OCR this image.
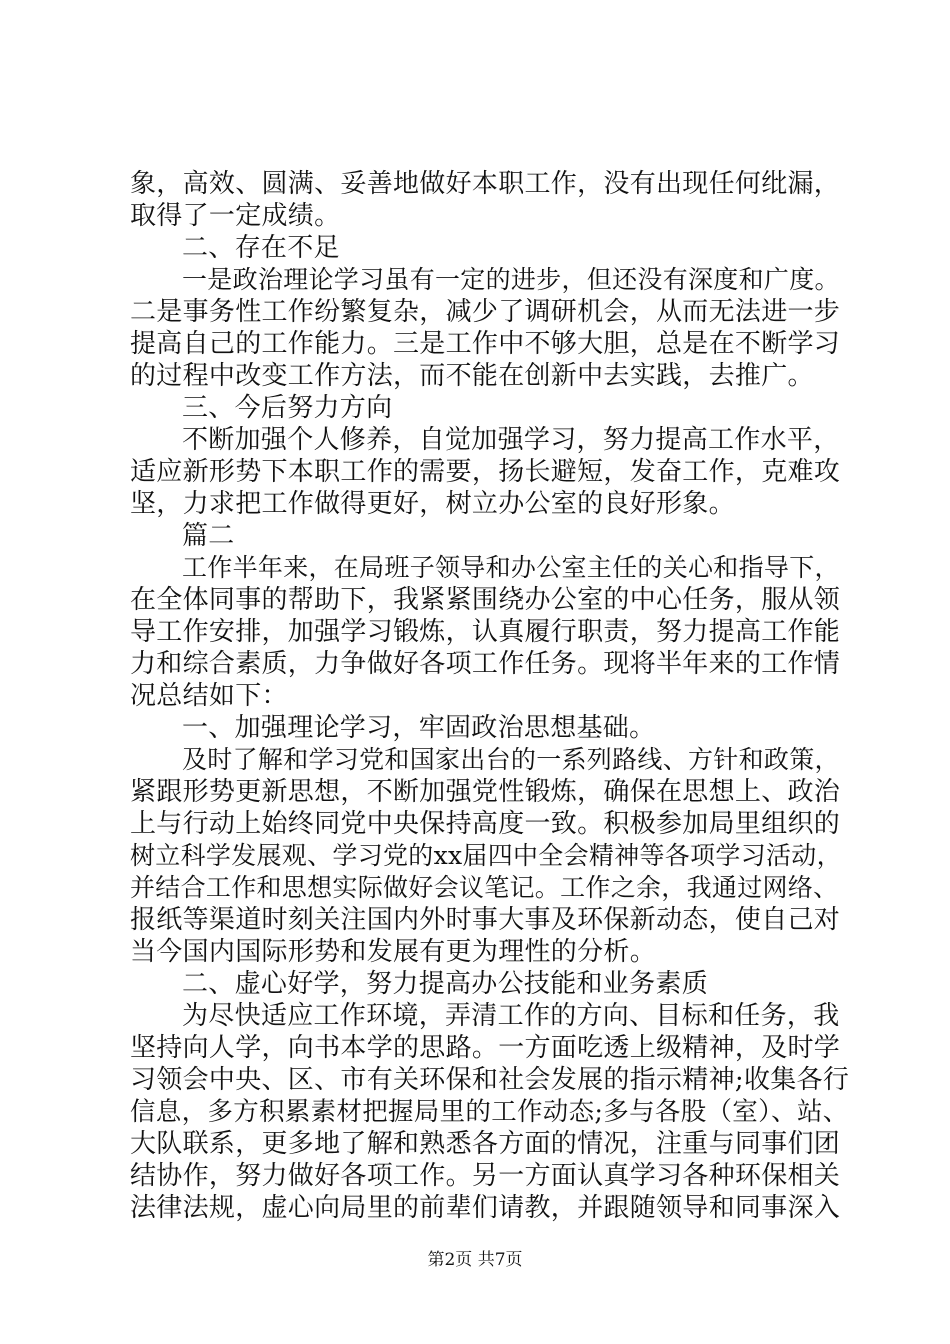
象，高效、圆满、妥善地做好本职工作，没有出现任何纰漏，
取得了一定成绩。
二、存在不足
一是政治理论学习虽有一定的进步，但还没有深度和广度。
二是事务性工作纷繁复杂，减少了调研机会，从而无法进一步
提高自己的工作能力。三是工作中不够大胆，总是在不断学习
的过程中改变工作方法，而不能在创新中去实践，去推广。
三、今后努力方向
不断加强个人修养，自觉加强学习，努力提高工作水平，
适应新形势下本职工作的需要，扬长避短，发奋工作，克难攻
坚，力求把工作做得更好，树立办公室的良好形象。
篇二
工作半年来，在局班子领导和办公室主任的关心和指导下，
在全体同事的帮助下，我紧紧围绕办公室的中心任务，服从领
导工作安排，加强学习锻炼，认真履行职责，努力提高工作能
力和综合素质，力争做好各项工作任务。现将半年来的工作情
况总结如下：
一、加强理论学习，牢固政治思想基础。
及时了解和学习党和国家出台的一系列路线、方针和政策，
紧跟形势更新思想，不断加强党性锻炼，确保在思想上、政治
上与行动上始终同党中央保持高度一致。积极参加局里组织的
树立科学发展观、学习党的xx届四中全会精神等各项学习活动，
并结合工作和思想实际做好会议笔记。工作之余，我通过网络、
报纸等渠道时刻关注国内外时事大事及环保新动态，使自己对
当今国内国际形势和发展有更为理性的分析。
二、虚心好学，努力提高办公技能和业务素质
为尽快适应工作环境，弄清工作的方向、目标和任务，我
坚持向人学，向书本学的思路。一方面吃透上级精神，及时学
习领会中央、区、市有关环保和社会发展的指示精神;收集各行
信息，多方积累素材把握局里的工作动态;多与各股（室）、站、
大队联系，更多地了解和熟悉各方面的情况，注重与同事们团
结协作，努力做好各项工作。另一方面认真学习各种环保相关
法律法规，虚心向局里的前辈们请教，并跟随领导和同事深入
第2页 共7页
